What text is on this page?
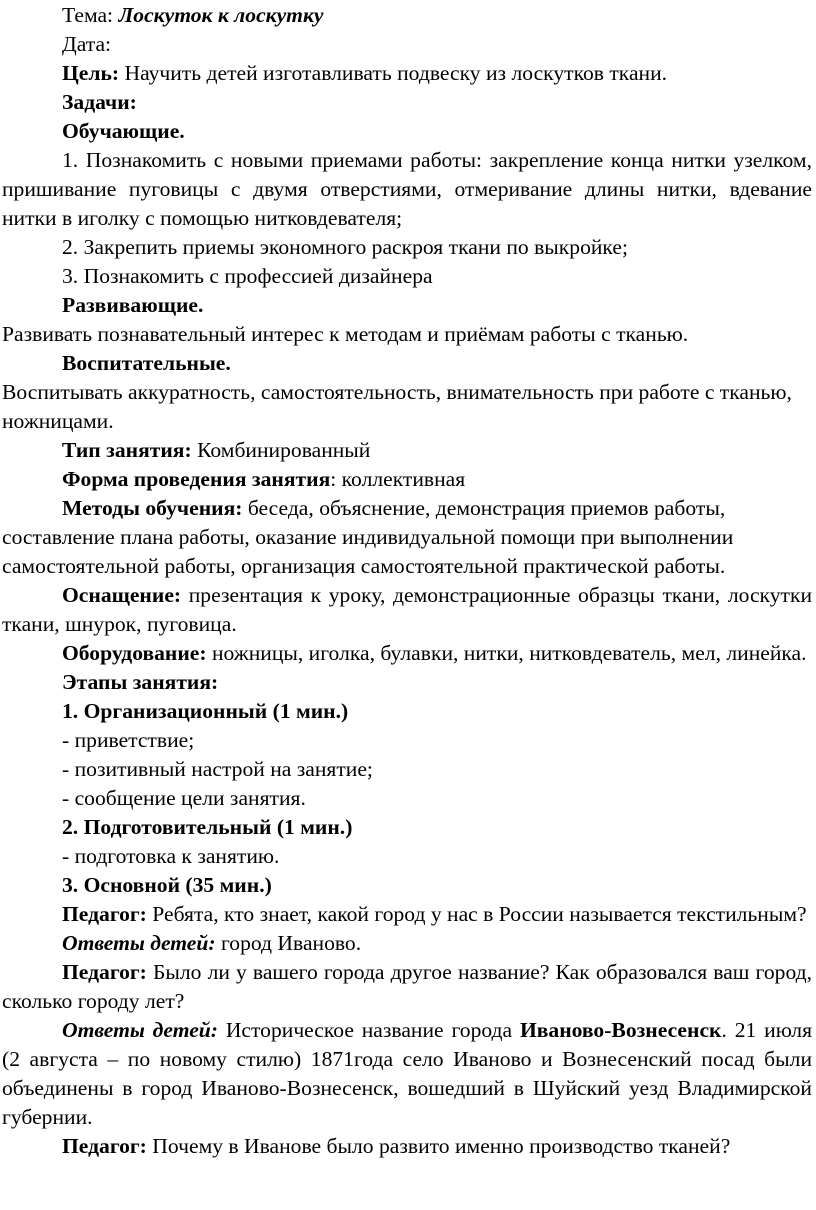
Тема: Лоскуток к лоскутку

Дата:

Цель: Научить детей изготавливать подвеску из лоскутков ткани.

Задачи:

Обучающие.

1. Познакомить с новыми приемами работы: закрепление конца нитки узелком, пришивание пуговицы с двумя отверстиями, отмеривание длины нитки, вдевание нитки в иголку с помощью нитковдевателя;

2. Закрепить приемы экономного раскроя ткани по выкройке;

3. Познакомить с профессией дизайнера

Развивающие.

Развивать познавательный интерес к методам и приёмам работы с тканью.

Воспитательные.

Воспитывать аккуратность, самостоятельность, внимательность при работе с тканью, ножницами.

Тип занятия: Комбинированный

Форма проведения занятия: коллективная

Методы обучения: беседа, объяснение, демонстрация приемов работы, составление плана работы, оказание индивидуальной помощи при выполнении самостоятельной работы, организация самостоятельной практической работы.

Оснащение: презентация к уроку, демонстрационные образцы ткани, лоскутки ткани, шнурок, пуговица.

Оборудование: ножницы, иголка, булавки, нитки, нитковдеватель, мел, линейка.

Этапы занятия:

1. Организационный (1 мин.)

- приветствие;

- позитивный настрой на занятие;

- сообщение цели занятия.

2. Подготовительный (1 мин.)

- подготовка к занятию.

3. Основной (35 мин.)

Педагог: Ребята, кто знает, какой город у нас в России называется текстильным?

Ответы детей: город Иваново.

Педагог: Было ли у вашего города другое название? Как образовался ваш город, сколько городу лет?

Ответы детей: Историческое название города Иваново-Вознесенск. 21 июля (2 августа – по новому стилю) 1871года село Иваново и Вознесенский посад были объединены в город Иваново-Вознесенск, вошедший в Шуйский уезд Владимирской губернии.

Педагог: Почему в Иванове было развито именно производство тканей?
